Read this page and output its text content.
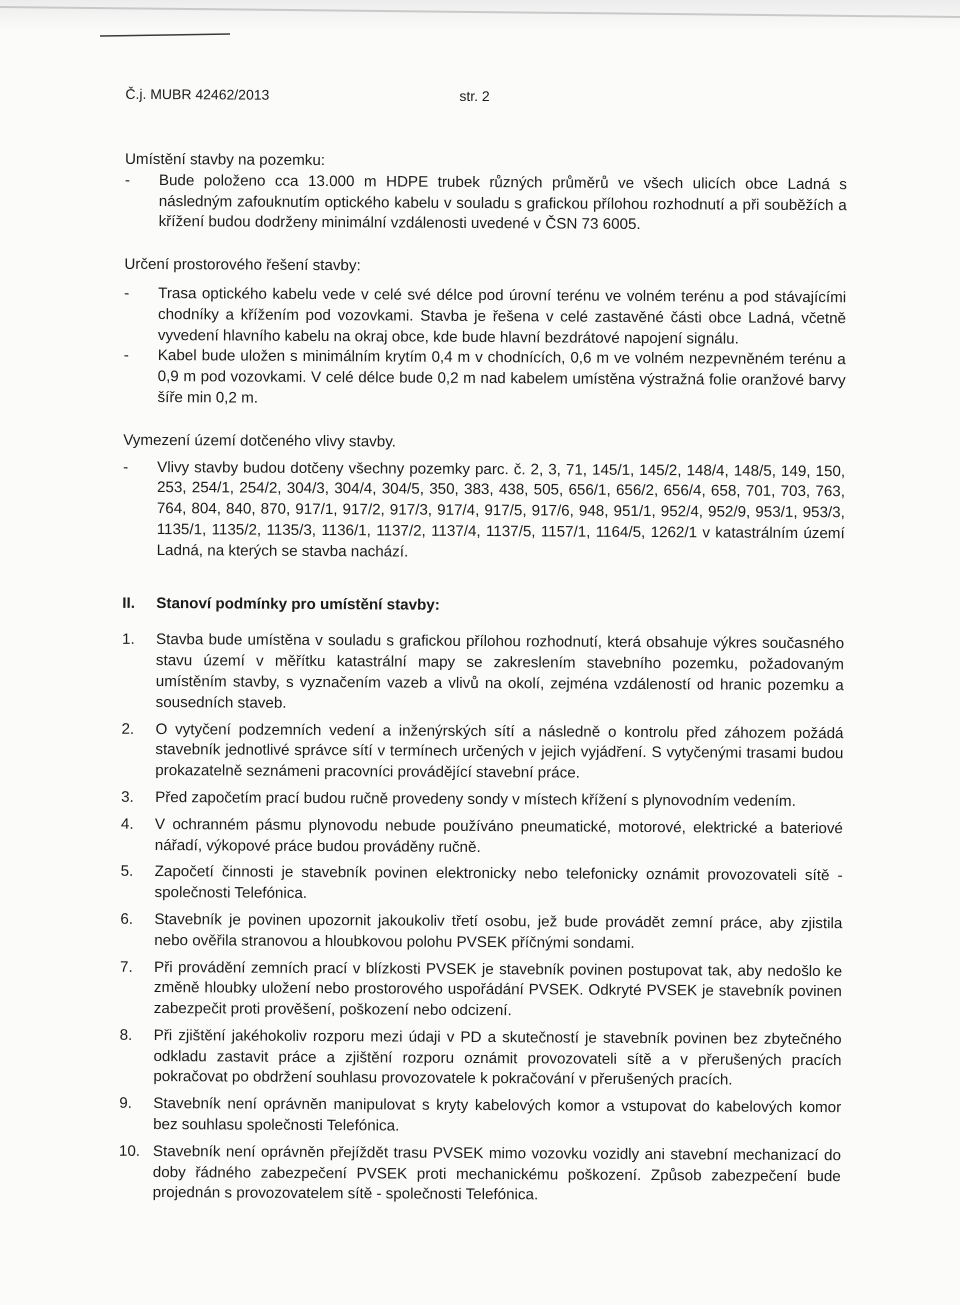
Č.j. MUBR 42462/2013	str. 2

Umístění stavby na pozemku:

-	Bude položeno cca 13.000 m HDPE trubek různých průměrů ve všech ulicích obce Ladná s následným zafouknutím optického kabelu v souladu s grafickou přílohou rozhodnutí a při souběžích a křížení budou dodrženy minimální vzdálenosti uvedené v ČSN 73 6005.

Určení prostorového řešení stavby:

-	Trasa optického kabelu vede v celé své délce pod úrovní terénu ve volném terénu a pod stávajícími chodníky a křížením pod vozovkami. Stavba je řešena v celé zastavěné části obce Ladná, včetně vyvedení hlavního kabelu na okraj obce, kde bude hlavní bezdrátové napojení signálu.
-	Kabel bude uložen s minimálním krytím 0,4 m v chodnících, 0,6 m ve volném nezpevněném terénu a 0,9 m pod vozovkami. V celé délce bude 0,2 m nad kabelem umístěna výstražná folie oranžové barvy šíře min 0,2 m.

Vymezení území dotčeného vlivy stavby.

-	Vlivy stavby budou dotčeny všechny pozemky parc. č. 2, 3, 71, 145/1, 145/2, 148/4, 148/5, 149, 150, 253, 254/1, 254/2, 304/3, 304/4, 304/5, 350, 383, 438, 505, 656/1, 656/2, 656/4, 658, 701, 703, 763, 764, 804, 840, 870, 917/1, 917/2, 917/3, 917/4, 917/5, 917/6, 948, 951/1, 952/4, 952/9, 953/1, 953/3, 1135/1, 1135/2, 1135/3, 1136/1, 1137/2, 1137/4, 1137/5, 1157/1, 1164/5, 1262/1 v katastrálním území Ladná, na kterých se stavba nachází.
II.	Stanoví podmínky pro umístění stavby:
1.	Stavba bude umístěna v souladu s grafickou přílohou rozhodnutí, která obsahuje výkres současného stavu území v měřítku katastrální mapy se zakreslením stavebního pozemku, požadovaným umístěním stavby, s vyznačením vazeb a vlivů na okolí, zejména vzdáleností od hranic pozemku a sousedních staveb.
2.	O vytyčení podzemních vedení a inženýrských sítí a následně o kontrolu před záhozem požádá stavebník jednotlivé správce sítí v termínech určených v jejich vyjádření. S vytyčenými trasami budou prokazatelně seznámeni pracovníci provádějící stavební práce.
3.	Před započetím prací budou ručně provedeny sondy v místech křížení s plynovodním vedením.
4.	V ochranném pásmu plynovodu nebude používáno pneumatické, motorové, elektrické a bateriové nářadí, výkopové práce budou prováděny ručně.
5.	Započetí činnosti je stavebník povinen elektronicky nebo telefonicky oznámit provozovateli sítě - společnosti Telefónica.
6.	Stavebník je povinen upozornit jakoukoliv třetí osobu, jež bude provádět zemní práce, aby zjistila nebo ověřila stranovou a hloubkovou polohu PVSEK příčnými sondami.
7.	Při provádění zemních prací v blízkosti PVSEK je stavebník povinen postupovat tak, aby nedošlo ke změně hloubky uložení nebo prostorového uspořádání PVSEK. Odkryté PVSEK je stavebník povinen zabezpečit proti prověšení, poškození nebo odcizení.
8.	Při zjištění jakéhokoliv rozporu mezi údaji v PD a skutečností je stavebník povinen bez zbytečného odkladu zastavit práce a zjištění rozporu oznámit provozovateli sítě a v přerušených pracích pokračovat po obdržení souhlasu provozovatele k pokračování v přerušených pracích.
9.	Stavebník není oprávněn manipulovat s kryty kabelových komor a vstupovat do kabelových komor bez souhlasu společnosti Telefónica.
10. Stavebník není oprávněn přejíždět trasu PVSEK mimo vozovku vozidly ani stavební mechanizací do doby řádného zabezpečení PVSEK proti mechanickému poškození. Způsob zabezpečení bude projednán s provozovatelem sítě - společnosti Telefónica.
